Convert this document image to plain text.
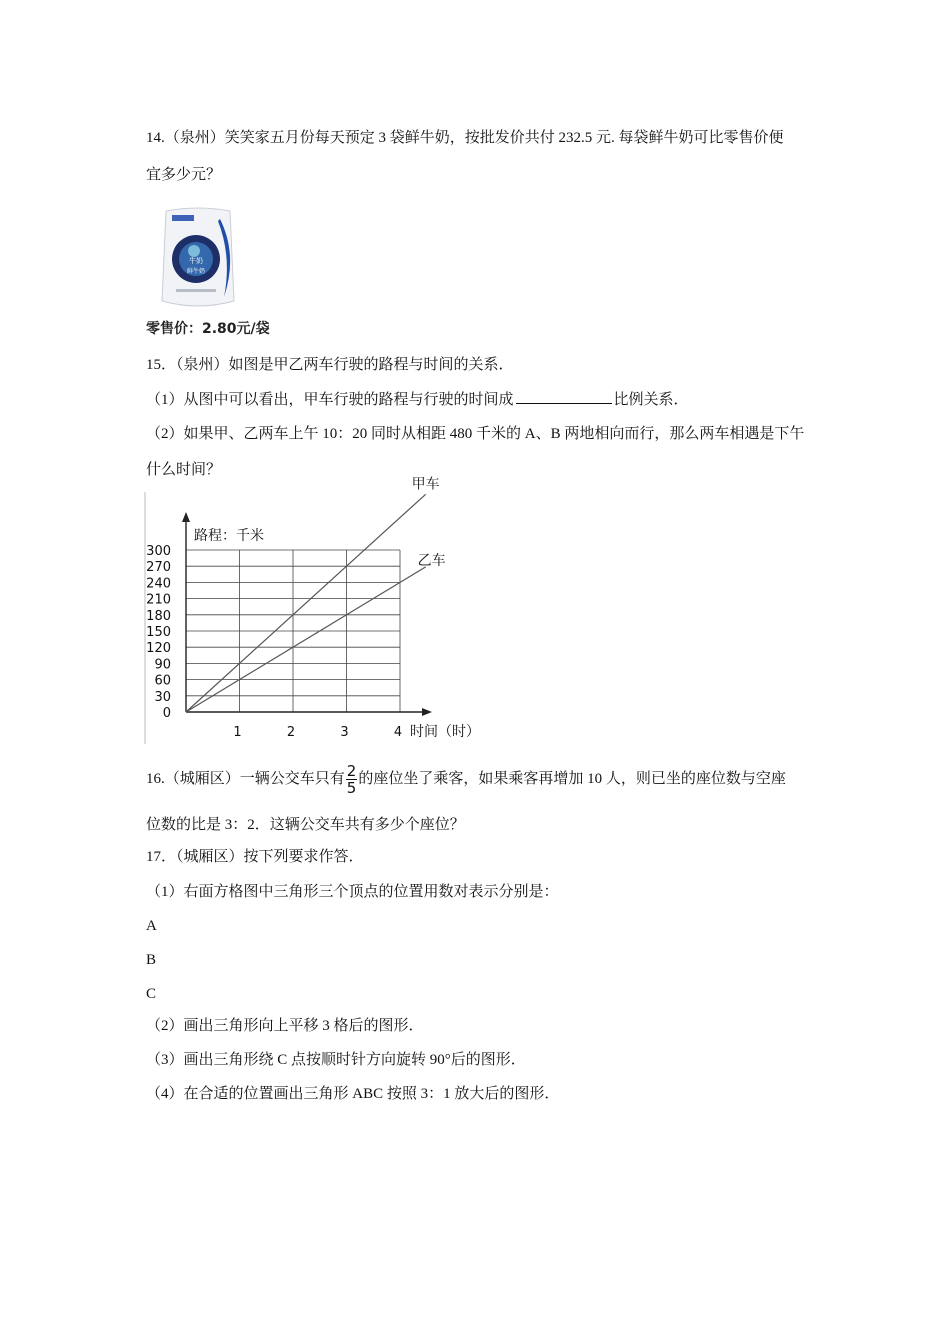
14.（泉州）笑笑家五月份每天预定 3 袋鲜牛奶，按批发价共付 232.5 元. 每袋鲜牛奶可比零售价便
宜多少元？
牛奶
鲜牛奶
零售价：2.80元/袋
15．（泉州）如图是甲乙两车行驶的路程与时间的关系．
（1）从图中可以看出，甲车行驶的路程与行驶的时间成	比例关系．
（2）如果甲、乙两车上午 10：20 同时从相距 480 千米的 A、B 两地相向而行，那么两车相遇是下午
什么时间？
0
30
60
90
120
150
180
210
240
270
300
1	2	3	4
甲车
乙车
路程：千米
时间（时）
16.（城厢区）一辆公交车只有 $\frac{2}{5}$ 的座位坐了乘客，如果乘客再增加 10 人，则已坐的座位数与空座
位数的比是 3：2．这辆公交车共有多少个座位？
17．（城厢区）按下列要求作答．
（1）右面方格图中三角形三个顶点的位置用数对表示分别是：
A
B
C
（2）画出三角形向上平移 3 格后的图形．
（3）画出三角形绕 C 点按顺时针方向旋转 90°后的图形．
（4）在合适的位置画出三角形 ABC 按照 3：1 放大后的图形．
